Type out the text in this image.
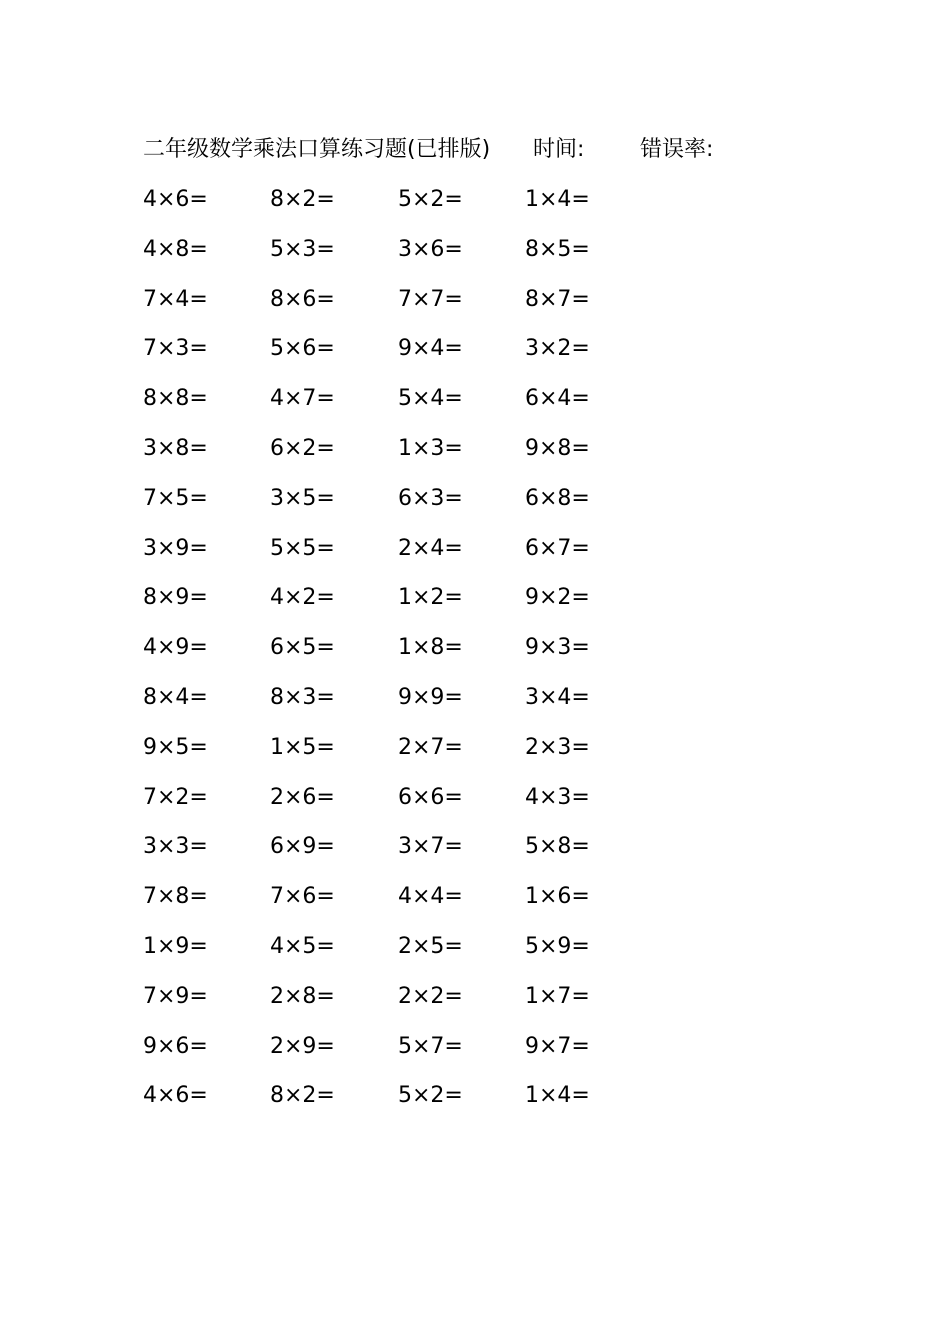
二年级数学乘法口算练习题(已排版) 时间:	错误率:
4×6=	8×2=	5×2=	1×4=
4×8=	5×3=	3×6=	8×5=
7×4=	8×6=	7×7=	8×7=
7×3=	5×6=	9×4=	3×2=
8×8=	4×7=	5×4=	6×4=
3×8=	6×2=	1×3=	9×8=
7×5=	3×5=	6×3=	6×8=
3×9=	5×5=	2×4=	6×7=
8×9=	4×2=	1×2=	9×2=
4×9=	6×5=	1×8=	9×3=
8×4=	8×3=	9×9=	3×4=
9×5=	1×5=	2×7=	2×3=
7×2=	2×6=	6×6=	4×3=
3×3=	6×9=	3×7=	5×8=
7×8=	7×6=	4×4=	1×6=
1×9=	4×5=	2×5=	5×9=
7×9=	2×8=	2×2=	1×7=
9×6=	2×9=	5×7=	9×7=
4×6=	8×2=	5×2=	1×4=
